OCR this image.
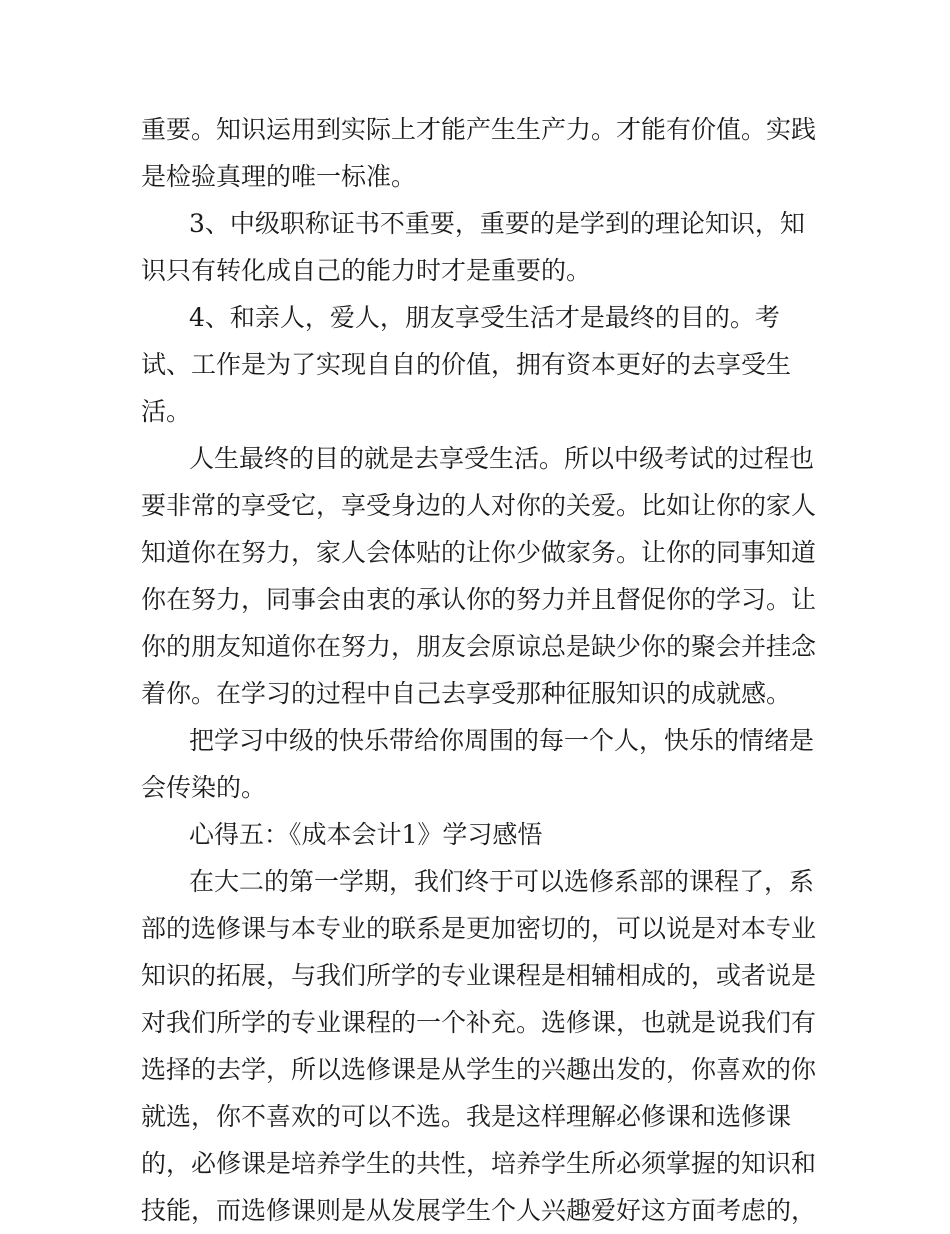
重要。知识运用到实际上才能产生生产力。才能有价值。实践
是检验真理的唯一标准。
3、中级职称证书不重要，重要的是学到的理论知识，知
识只有转化成自己的能力时才是重要的。
4、和亲人，爱人，朋友享受生活才是最终的目的。考
试、工作是为了实现自自的价值，拥有资本更好的去享受生
活。
人生最终的目的就是去享受生活。所以中级考试的过程也
要非常的享受它，享受身边的人对你的关爱。比如让你的家人
知道你在努力，家人会体贴的让你少做家务。让你的同事知道
你在努力，同事会由衷的承认你的努力并且督促你的学习。让
你的朋友知道你在努力，朋友会原谅总是缺少你的聚会并挂念
着你。在学习的过程中自己去享受那种征服知识的成就感。
把学习中级的快乐带给你周围的每一个人，快乐的情绪是
会传染的。
心得五：《成本会计1》学习感悟
在大二的第一学期，我们终于可以选修系部的课程了，系
部的选修课与本专业的联系是更加密切的，可以说是对本专业
知识的拓展，与我们所学的专业课程是相辅相成的，或者说是
对我们所学的专业课程的一个补充。选修课，也就是说我们有
选择的去学，所以选修课是从学生的兴趣出发的，你喜欢的你
就选，你不喜欢的可以不选。我是这样理解必修课和选修课
的，必修课是培养学生的共性，培养学生所必须掌握的知识和
技能，而选修课则是从发展学生个人兴趣爱好这方面考虑的，
